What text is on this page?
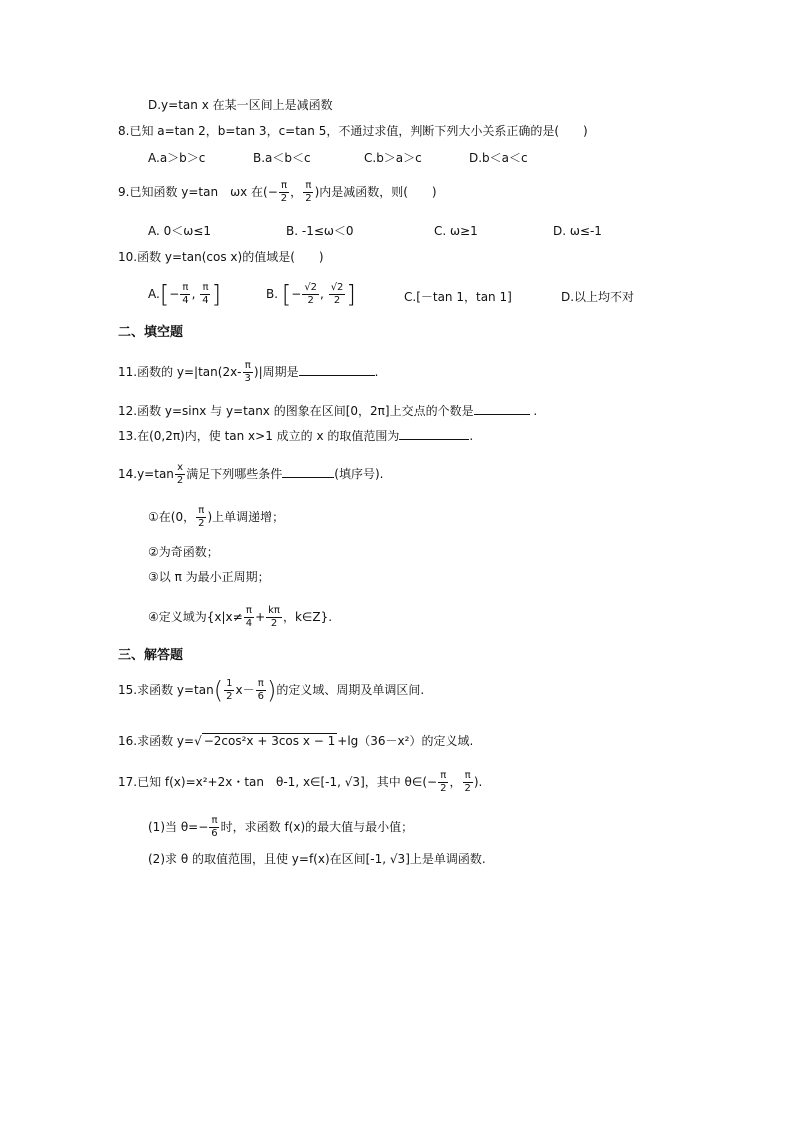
D.y=tan x 在某一区间上是减函数
8.已知 a=tan 2，b=tan 3，c=tan 5，不通过求值，判断下列大小关系正确的是(　　)
A.a＞b＞c	B.a＜b＜c	C.b＞a＞c	D.b＜a＜c
9.已知函数 y=tan　ωx 在(− $\frac{\pi}{2}$ ， $\frac{\pi}{2}$ )内是减函数，则(　　)
A. 0＜ω≤1	B. -1≤ω＜0	C. ω≥1	D. ω≤-1
10.函数 y=tan(cos x)的值域是(　　)
$A.[- \frac{\pi}{4}$ , $\frac{\pi}{4}$ ]	B. [− $\frac{√2}{2}$ , $\frac{√2}{2}$ ]	C.[－tan 1，tan 1]	D.以上均不对
二、填空题
11.函数的 $y=|\tan(2x- \frac{\pi}{3}$ )|周期是	.
12.函数 y=sinx 与 y=tanx 的图象在区间[0，2π]上交点的个数是	.
13.在(0,2π)内，使 tan x>1 成立的 x 的取值范围为	.
$14.y=\tan \frac{x}{2}$ 满足下列哪些条件	(填序号).
①在(0， $\frac{\pi}{2}$ )上单调递增；
②为奇函数；
③以 π 为最小正周期；
④定义域为{$x|x\ne \frac{\pi}{4} + \frac{k\pi}{2}$ ，k∈Z}.
三、解答题
15.求函数 $y=\tan( \frac{1}{2} x- \frac{\pi}{6}$ )的定义域、周期及单调区间.
16.求函数 y=√ −2cos²x + 3cos x − 1 +lg（36－x²）的定义域.
17.已知 f(x)=x²+2x・tan　θ-1, x∈[-1, √3]，其中 θ∈(− $\frac{\pi}{2}$ ， $\frac{\pi}{2}$ ).
(1)当 $\theta=- \frac{\pi}{6}$ 时，求函数 f(x)的最大值与最小值；
(2)求 θ 的取值范围，且使 y=f(x)在区间[-1, √3]上是单调函数.
